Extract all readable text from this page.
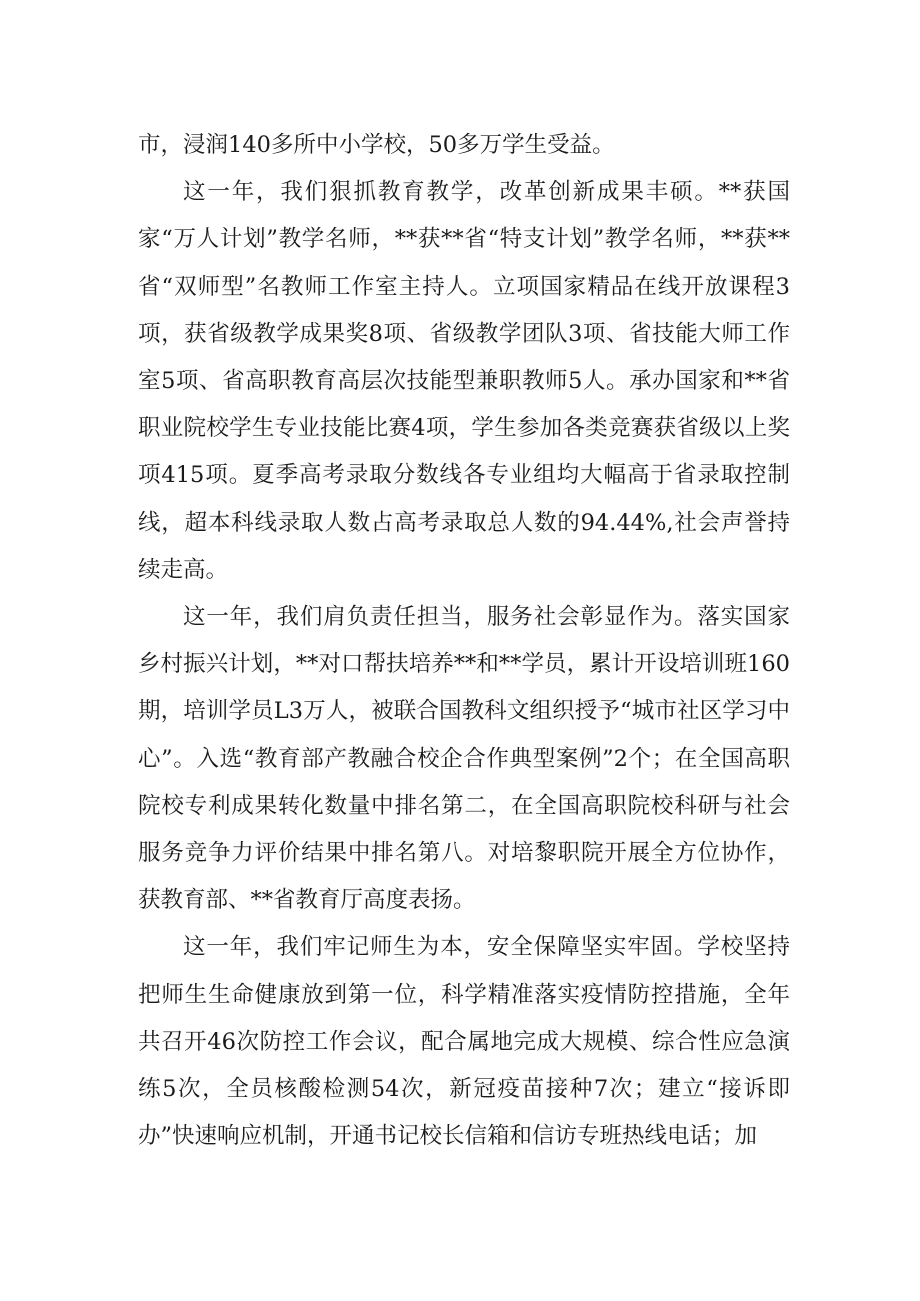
市，浸润140多所中小学校，50多万学生受益。

这一年，我们狠抓教育教学，改革创新成果丰硕。**获国家“万人计划”教学名师，**获**省“特支计划”教学名师，**获**省“双师型”名教师工作室主持人。立项国家精品在线开放课程3项，获省级教学成果奖8项、省级教学团队3项、省技能大师工作室5项、省高职教育高层次技能型兼职教师5人。承办国家和**省职业院校学生专业技能比赛4项，学生参加各类竞赛获省级以上奖项415项。夏季高考录取分数线各专业组均大幅高于省录取控制线，超本科线录取人数占高考录取总人数的94.44%,社会声誉持续走高。

这一年，我们肩负责任担当，服务社会彰显作为。落实国家乡村振兴计划，**对口帮扶培养**和**学员，累计开设培训班160期，培训学员L3万人，被联合国教科文组织授予“城市社区学习中心”。入选“教育部产教融合校企合作典型案例”2个；在全国高职院校专利成果转化数量中排名第二，在全国高职院校科研与社会服务竞争力评价结果中排名第八。对培黎职院开展全方位协作，获教育部、**省教育厅高度表扬。

这一年，我们牢记师生为本，安全保障坚实牢固。学校坚持把师生生命健康放到第一位，科学精准落实疫情防控措施，全年共召开46次防控工作会议，配合属地完成大规模、综合性应急演练5次，全员核酸检测54次，新冠疫苗接种7次；建立“接诉即办”快速响应机制，开通书记校长信箱和信访专班热线电话；加
